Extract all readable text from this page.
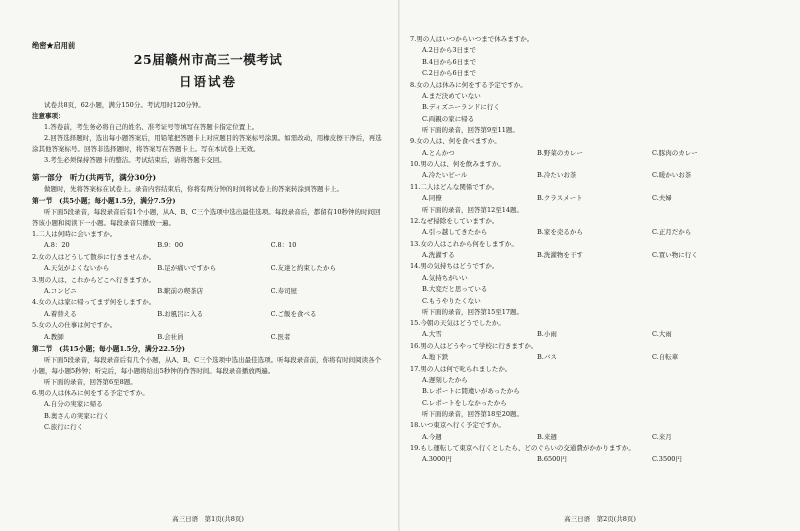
绝密★启用前
25届赣州市高三一模考试
日语试卷
试卷共8页，62小题，满分150分。考试用时120分钟。
注意事项：
1.答卷前，考生务必将自己的姓名、准考证号等填写在答题卡指定位置上。
2.回答选择题时，选出每小题答案后，用铅笔把答题卡上对应题目的答案标号涂黑。如需改动，用橡皮擦干净后，再选涂其他答案标号。回答非选择题时，将答案写在答题卡上。写在本试卷上无效。
3.考生必须保持答题卡的整洁。考试结束后，请将答题卡交回。
第一部分　听力(共两节，满分30分)
做题时，先将答案标在试卷上。录音内容结束后，你将有两分钟的时间将试卷上的答案转涂到答题卡上。
第一节　(共5小题；每小题1.5分，满分7.5分)
听下面5段录音，每段录音后有1个小题，从A、B、C三个选项中选出最佳选项。每段录音后，都留有10秒钟的时间回答该小题和阅读下一小题。每段录音只播放一遍。
1.二人は何時に会いますか。
A.8：20	B.9：00	C.8：10
2.女の人はどうして散歩に行きませんか。
A.天気がよくないから	B.足が痛いですから	C.友達と約束したから
3.男の人は、これからどこへ行きますか。
A.コンビニ	B.駅前の喫茶店	C.寿司屋
4.女の人は家に帰ってまず何をしますか。
A.着替える	B.お風呂に入る	C.ご飯を食べる
5.女の人の仕事は何ですか。
A.教師	B.会社員	C.医者
第二节　(共15小题；每小题1.5分，满分22.5分)
听下面5段录音，每段录音后有几个小题，从A、B、C三个选项中选出最佳选项。听每段录音前，你将有时间阅读各个小题，每小题5秒钟；听完后，每小题将给出5秒钟的作答时间。每段录音播放两遍。
听下面的录音，回答第6至8题。
6.男の人は休みに何をする予定ですか。
A.自分の実家に帰る
B.奥さんの実家に行く
C.旅行に行く
高三日语　第1页(共8页)
7.男の人はいつからいつまで休みますか。
A.2日から3日まで
B.4日から6日まで
C.2日から6日まで
8.女の人は休みに何をする予定ですか。
A.まだ決めていない
B.ディズニーランドに行く
C.両親の家に帰る
听下面的录音，回答第9至11题。
9.女の人は、何を食べますか。
A.とんかつ	B.野菜のカレー	C.豚肉のカレー
10.男の人は、何を飲みますか。
A.冷たいビール	B.冷たいお茶	C.暖かいお茶
11.二人はどんな関係ですか。
A.同僚	B.クラスメート	C.夫婦
听下面的录音，回答第12至14题。
12.なぜ掃除をしていますか。
A.引っ越してきたから	B.家を売るから	C.正月だから
13.女の人はこれから何をしますか。
A.洗濯する	B.洗濯物を干す	C.買い物に行く
14.男の気持ちはどうですか。
A.気持ちがいい
B.大変だと思っている
C.もうやりたくない
听下面的录音，回答第15至17题。
15.今朝の天気はどうでしたか。
A.大雪	B.小雨	C.大雨
16.男の人はどうやって学校に行きますか。
A.地下鉄	B.バス	C.自転車
17.男の人は何で叱られましたか。
A.遅刻したから
B.レポートに間違いがあったから
C.レポートをしなかったから
听下面的录音，回答第18至20题。
18.いつ東京へ行く予定ですか。
A.今週	B.来週	C.来月
19.もし運転して東京へ行くとしたら、どのぐらいの交通費がかかりますか。
A.3000円	B.6500円	C.3500円
高三日语　第2页(共8页)
